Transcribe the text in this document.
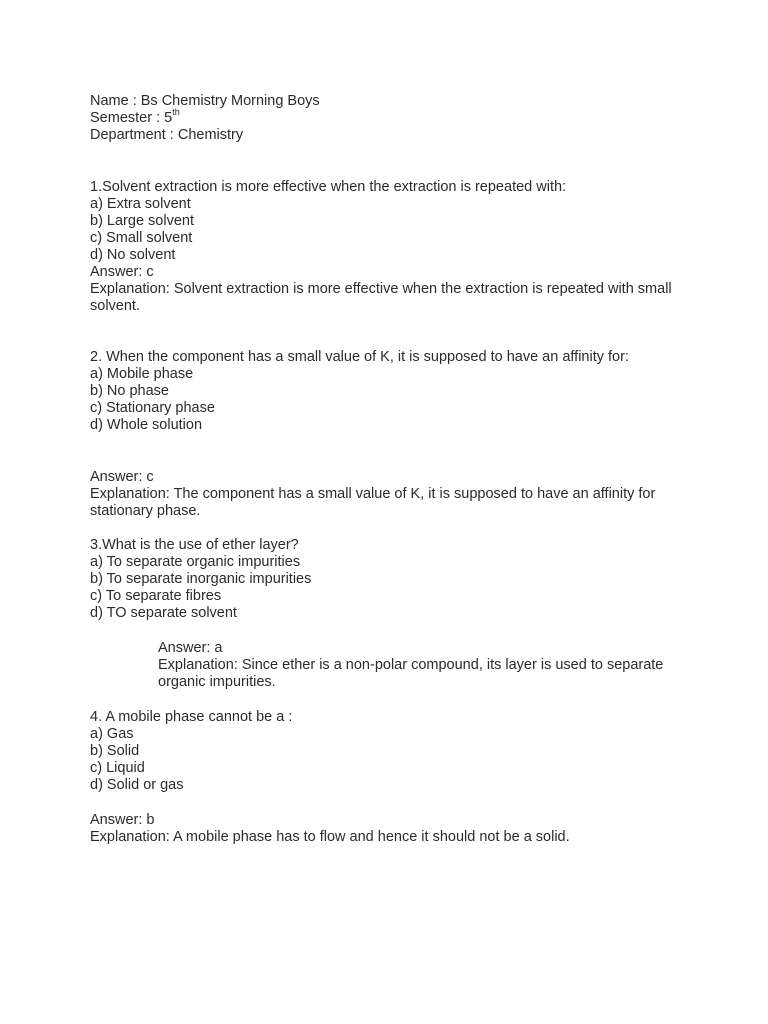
Name : Bs Chemistry Morning Boys
Semester : 5th
Department : Chemistry
1.Solvent extraction is more effective when the extraction is repeated with:
a) Extra solvent
b) Large solvent
c) Small solvent
d) No solvent
Answer: c
Explanation: Solvent extraction is more effective when the extraction is repeated with small solvent.
2. When the component has a small value of K, it is supposed to have an affinity for:
a) Mobile phase
b) No phase
c) Stationary phase
d) Whole solution
Answer: c
Explanation: The component has a small value of K, it is supposed to have an affinity for stationary phase.
3.What is the use of ether layer?
a) To separate organic impurities
b) To separate inorganic impurities
c) To separate fibres
d) TO separate solvent
Answer: a
Explanation: Since ether is a non-polar compound, its layer is used to separate organic impurities.
4. A mobile phase cannot be a :
a) Gas
b) Solid
c) Liquid
d) Solid or gas
Answer: b
Explanation: A mobile phase has to flow and hence it should not be a solid.
